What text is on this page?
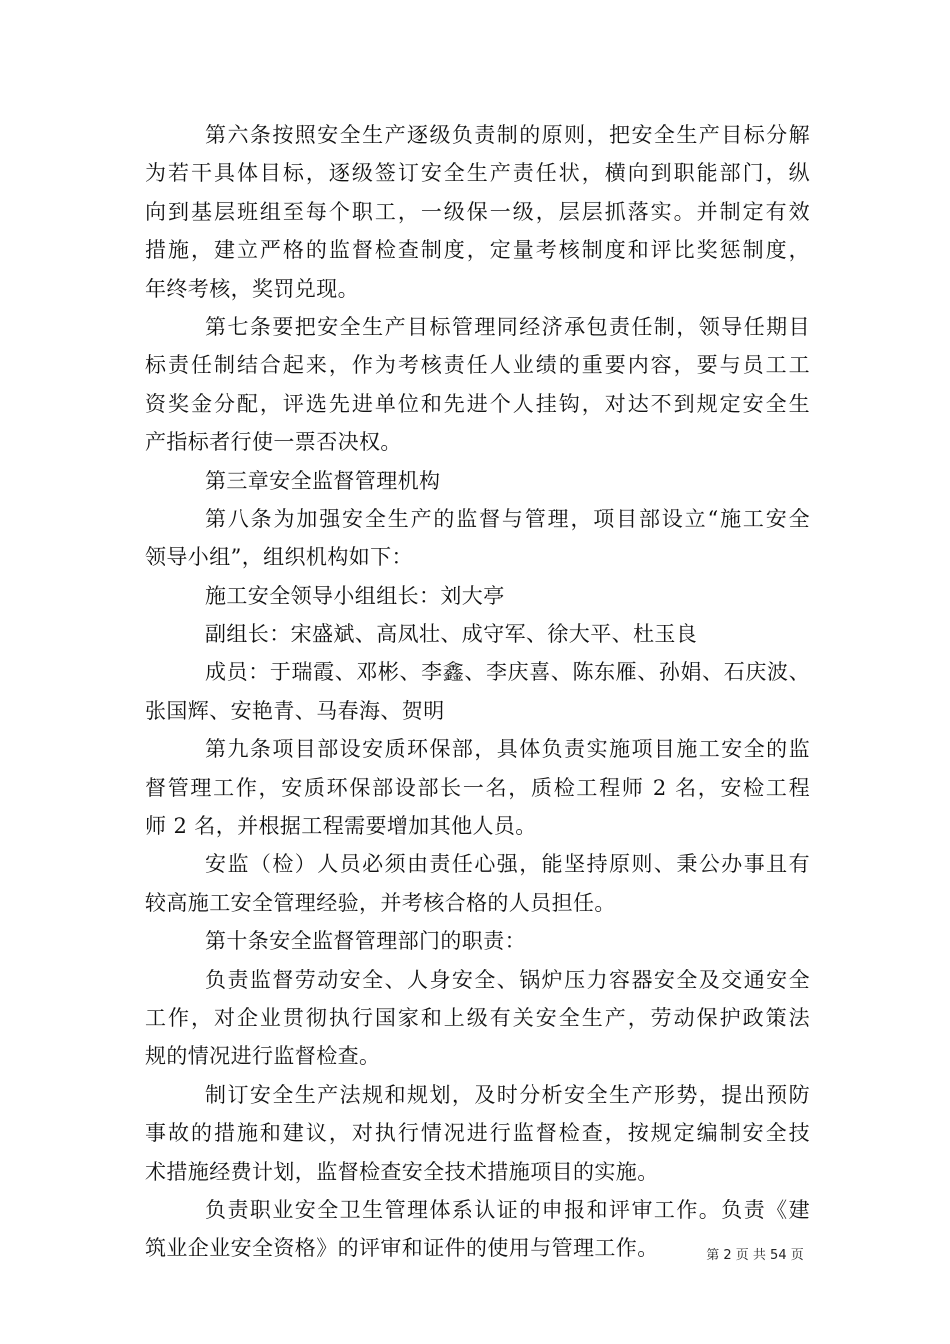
第六条按照安全生产逐级负责制的原则，把安全生产目标分解
为若干具体目标，逐级签订安全生产责任状，横向到职能部门，纵
向到基层班组至每个职工，一级保一级，层层抓落实。并制定有效
措施，建立严格的监督检查制度，定量考核制度和评比奖惩制度，
年终考核，奖罚兑现。
第七条要把安全生产目标管理同经济承包责任制，领导任期目
标责任制结合起来，作为考核责任人业绩的重要内容，要与员工工
资奖金分配，评选先进单位和先进个人挂钩，对达不到规定安全生
产指标者行使一票否决权。
第三章安全监督管理机构
第八条为加强安全生产的监督与管理，项目部设立“施工安全
领导小组”，组织机构如下：
施工安全领导小组组长：刘大亭
副组长：宋盛斌、高凤壮、成守军、徐大平、杜玉良
成员：于瑞霞、邓彬、李鑫、李庆喜、陈东雁、孙娟、石庆波、
张国辉、安艳青、马春海、贺明
第九条项目部设安质环保部，具体负责实施项目施工安全的监
督管理工作，安质环保部设部长一名，质检工程师 2 名，安检工程
师 2 名，并根据工程需要增加其他人员。
安监（检）人员必须由责任心强，能坚持原则、秉公办事且有
较高施工安全管理经验，并考核合格的人员担任。
第十条安全监督管理部门的职责：
负责监督劳动安全、人身安全、锅炉压力容器安全及交通安全
工作，对企业贯彻执行国家和上级有关安全生产，劳动保护政策法
规的情况进行监督检查。
制订安全生产法规和规划，及时分析安全生产形势，提出预防
事故的措施和建议，对执行情况进行监督检查，按规定编制安全技
术措施经费计划，监督检查安全技术措施项目的实施。
负责职业安全卫生管理体系认证的申报和评审工作。负责《建
筑业企业安全资格》的评审和证件的使用与管理工作。	第 2 页 共 54 页
